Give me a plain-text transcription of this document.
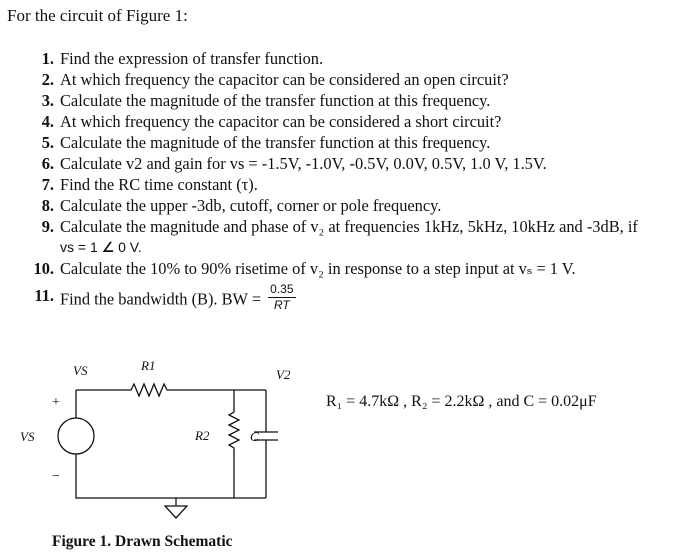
For the circuit of Figure 1:
1. Find the expression of transfer function.
2. At which frequency the capacitor can be considered an open circuit?
3. Calculate the magnitude of the transfer function at this frequency.
4. At which frequency the capacitor can be considered a short circuit?
5. Calculate the magnitude of the transfer function at this frequency.
6. Calculate v2 and gain for vs = -1.5V, -1.0V, -0.5V, 0.0V, 0.5V, 1.0 V, 1.5V.
7. Find the RC time constant (τ).
8. Calculate the upper -3db, cutoff, corner or pole frequency.
9. Calculate the magnitude and phase of v₂ at frequencies 1kHz, 5kHz, 10kHz and -3dB, if
vs = 1 ∠ 0 V.
10. Calculate the 10% to 90% risetime of v₂ in response to a step input at vₛ = 1 V.
11. Find the bandwidth (B). BW = $\frac{0.35}{RT}$
VS	R1
V2
VS	R2	C
+
−
R₁ = 4.7kΩ , R₂ = 2.2kΩ , and C = 0.02μF
Figure 1. Drawn Schematic
